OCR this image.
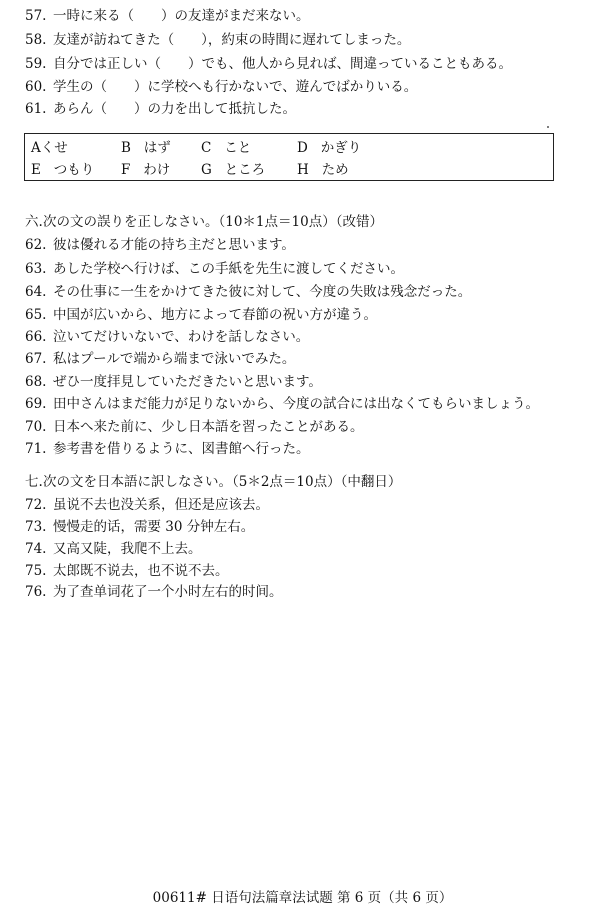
57. 一時に来る（　　）の友達がまだ来ない。
58. 友達が訪ねてきた（　　），約束の時間に遅れてしまった。
59. 自分では正しい（　　）でも、他人から見れば、間違っていることもある。
60. 学生の（　　）に学校へも行かないで、遊んでばかりいる。
61. あらん（　　）の力を出して抵抗した。
Aくせ	B はず C こと	D かぎり
E つもり F わけ G ところ H ため
六.次の文の誤りを正しなさい。（10＊1点＝10点）（改错）
62. 彼は優れる才能の持ち主だと思います。
63. あした学校へ行けば、この手紙を先生に渡してください。
64. その仕事に一生をかけてきた彼に対して、今度の失敗は残念だった。
65. 中国が広いから、地方によって春節の祝い方が違う。
66. 泣いてだけいないで、わけを話しなさい。
67. 私はプールで端から端まで泳いでみた。
68. ぜひ一度拝見していただきたいと思います。
69. 田中さんはまだ能力が足りないから、今度の試合には出なくてもらいましょう。
70. 日本へ来た前に、少し日本語を習ったことがある。
71. 参考書を借りるように、図書館へ行った。
七.次の文を日本語に訳しなさい。（5＊2点＝10点）（中翻日）
72. 虽说不去也没关系，但还是应该去。
73. 慢慢走的话，需要 30 分钟左右。
74. 又高又陡，我爬不上去。
75. 太郎既不说去，也不说不去。
76. 为了查单词花了一个小时左右的时间。
00611# 日语句法篇章法试题 第 6 页（共 6 页）
